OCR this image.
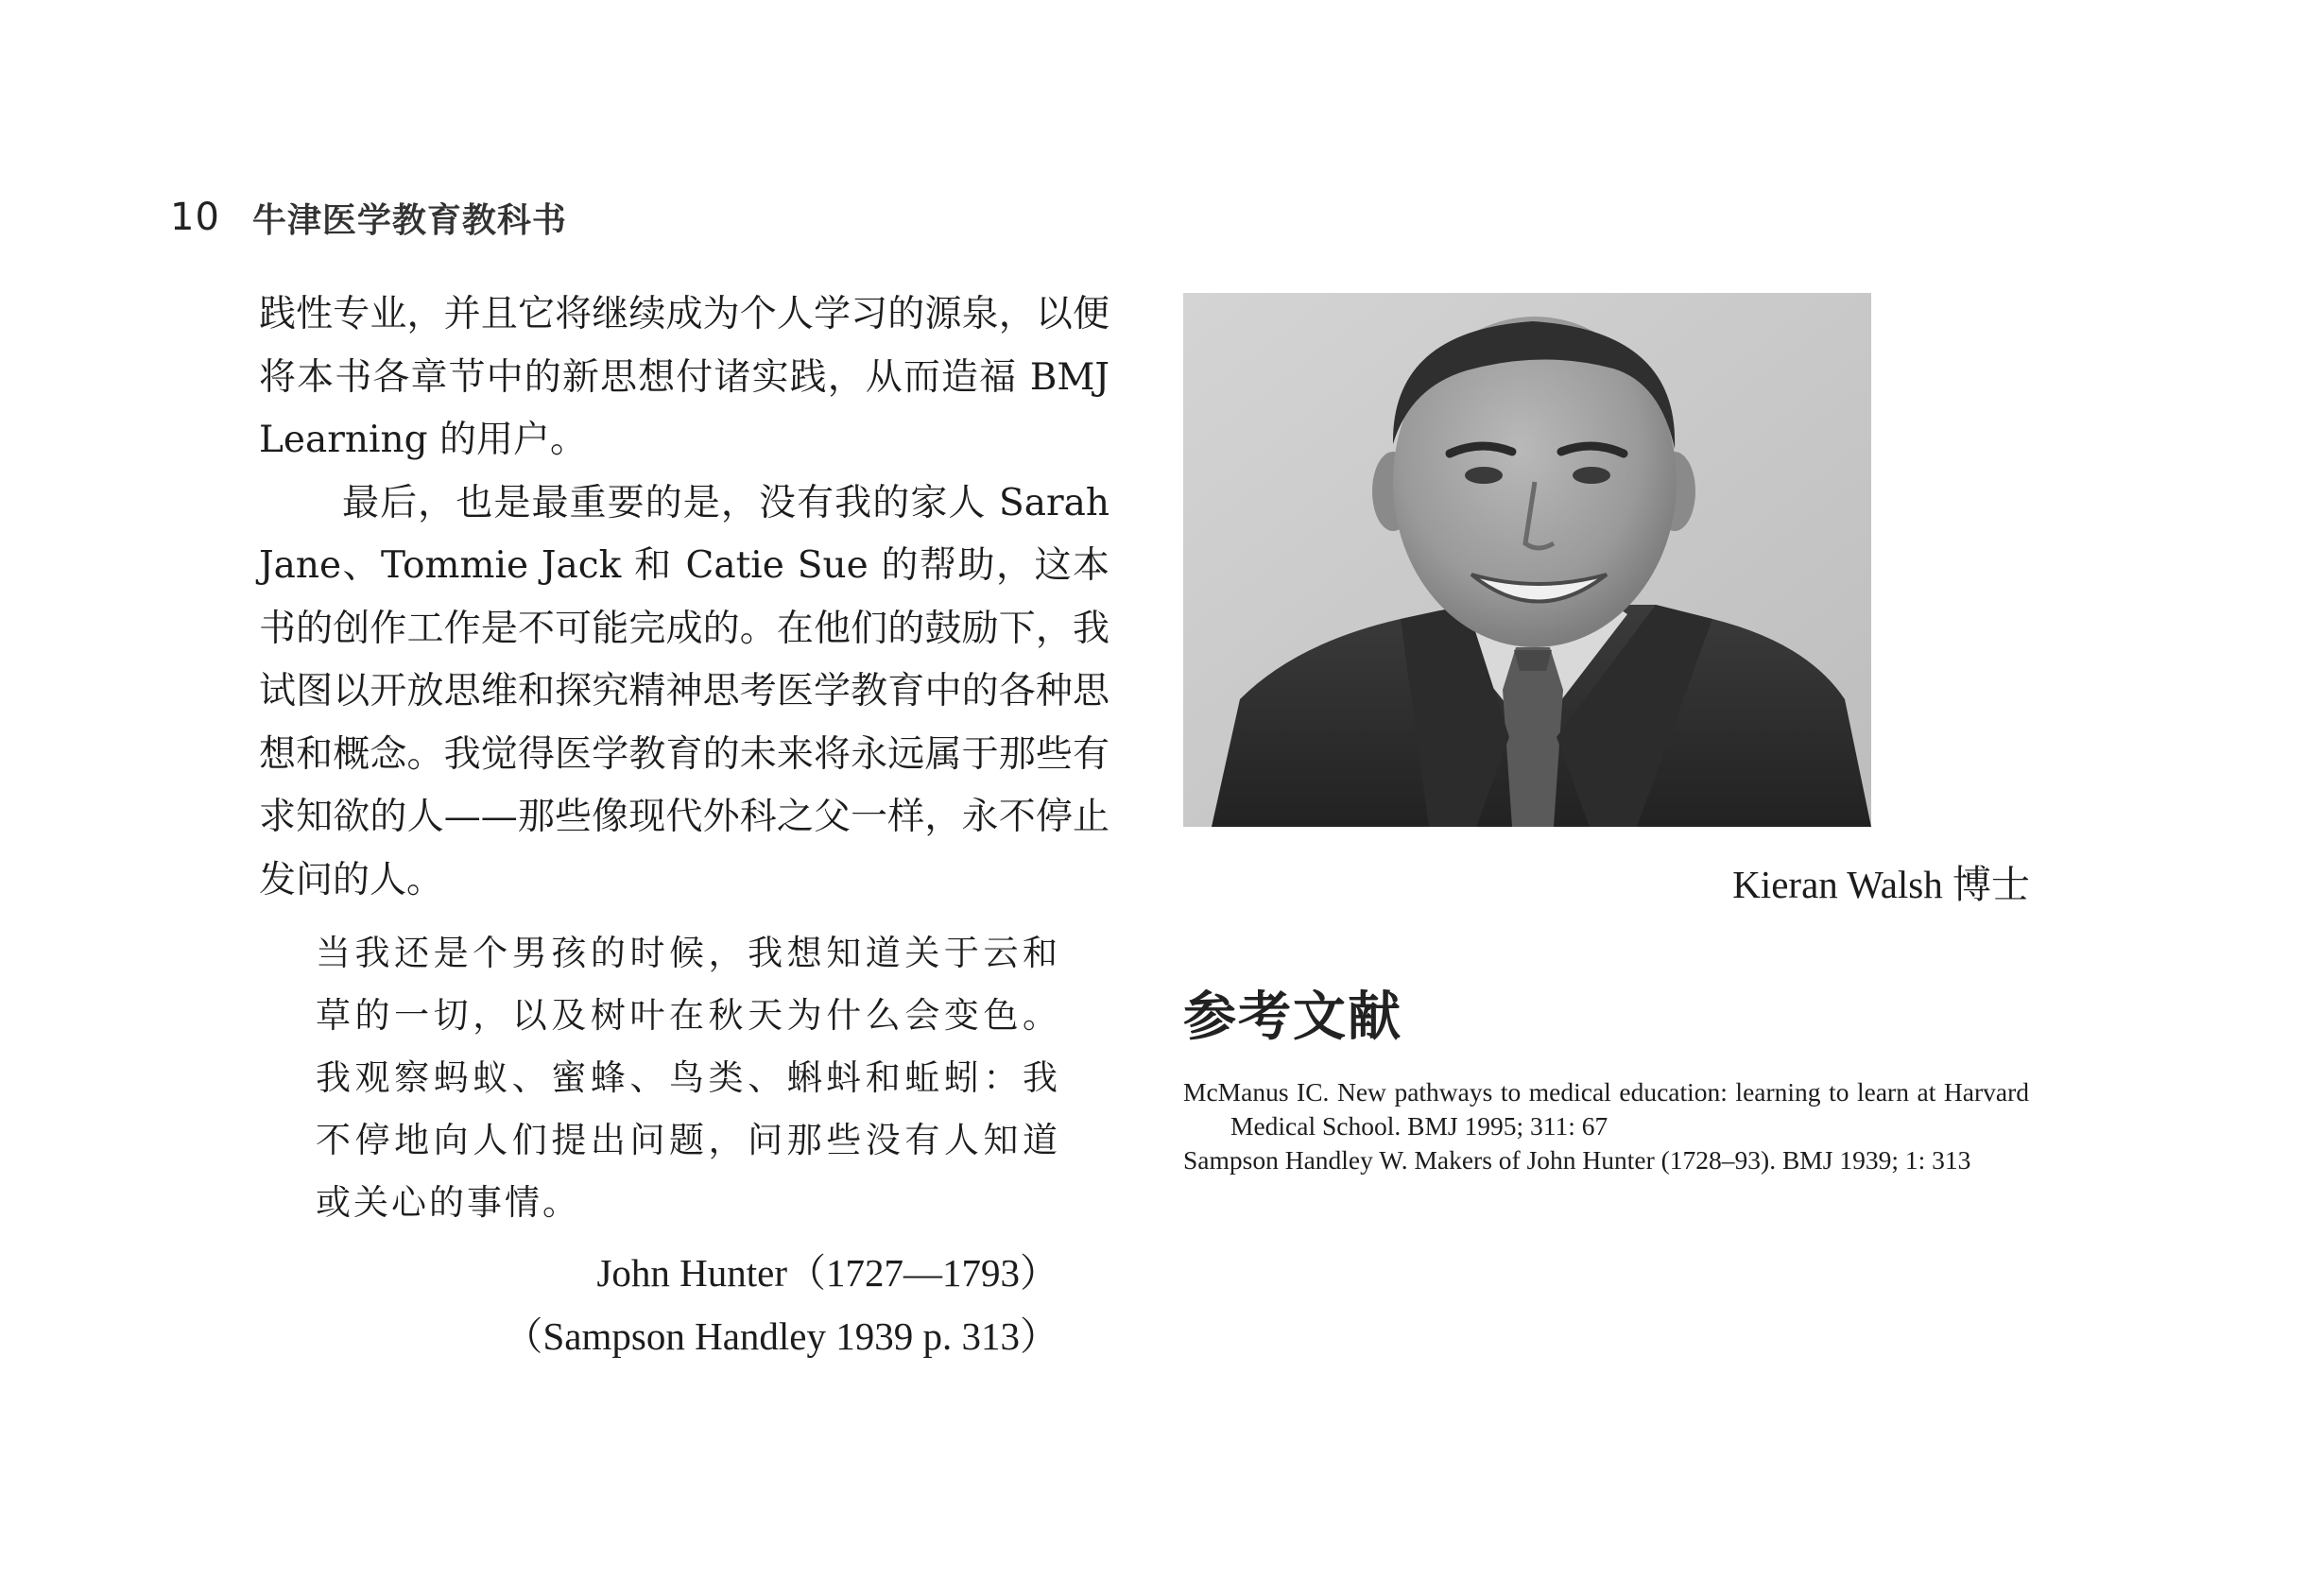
10 牛津医学教育教科书

践性专业，并且它将继续成为个人学习的源泉，以便将本书各章节中的新思想付诸实践，从而造福 BMJ Learning 的用户。

最后，也是最重要的是，没有我的家人 Sarah Jane、Tommie Jack 和 Catie Sue 的帮助，这本书的创作工作是不可能完成的。在他们的鼓励下，我试图以开放思维和探究精神思考医学教育中的各种思想和概念。我觉得医学教育的未来将永远属于那些有求知欲的人——那些像现代外科之父一样，永不停止发问的人。

当我还是个男孩的时候，我想知道关于云和草的一切，以及树叶在秋天为什么会变色。我观察蚂蚁、蜜蜂、鸟类、蝌蚪和蚯蚓：我不停地向人们提出问题，问那些没有人知道或关心的事情。

John Hunter（1727—1793）
（Sampson Handley 1939 p. 313）
Kieran Walsh 博士
参考文献
McManus IC. New pathways to medical education: learning to learn at Harvard Medical School. BMJ 1995; 311: 67
Sampson Handley W. Makers of John Hunter (1728–93). BMJ 1939; 1: 313
